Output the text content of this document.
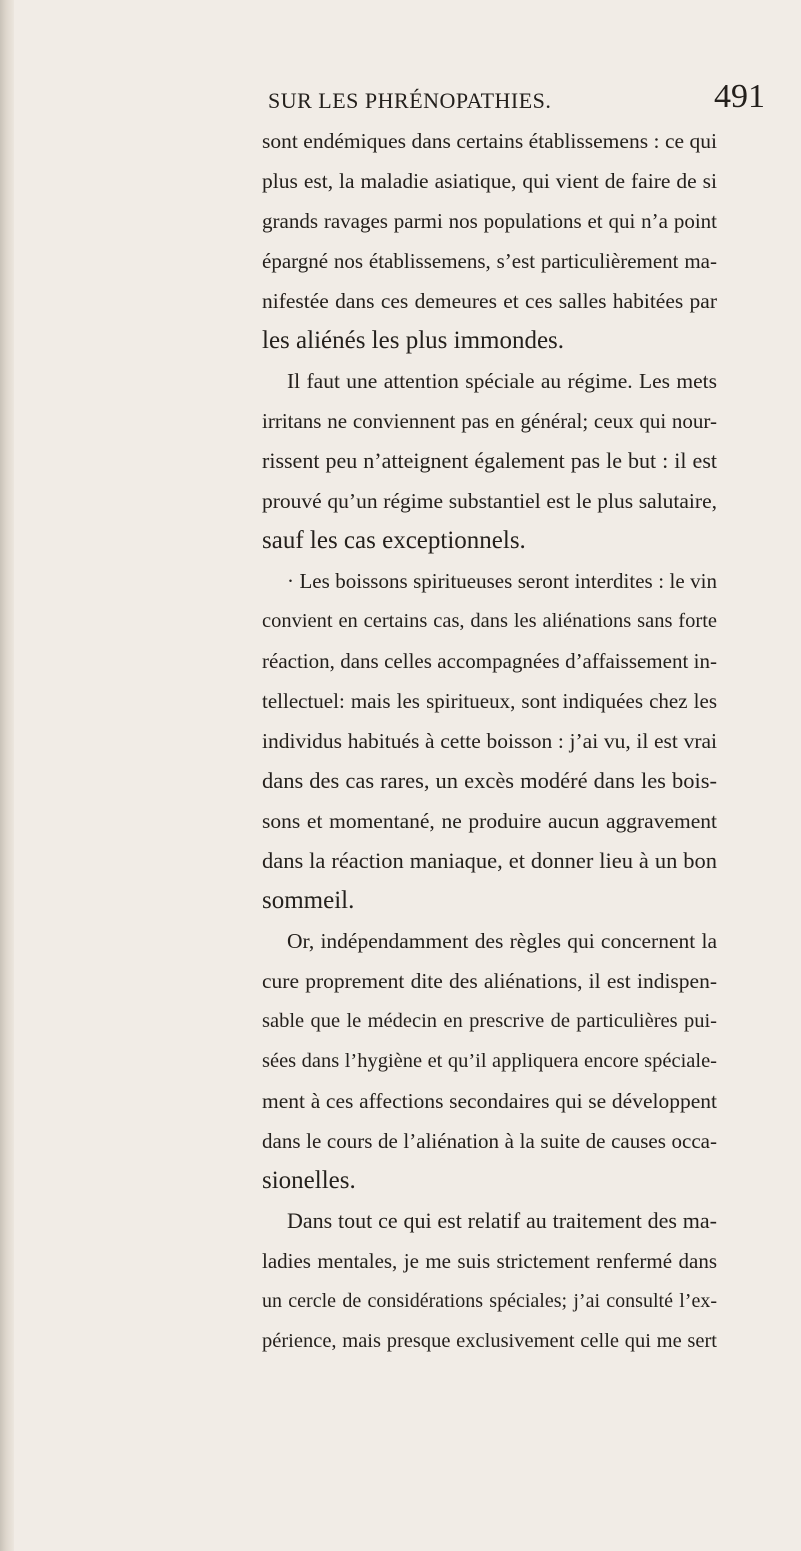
SUR LES PHRÉNOPATHIES.	491
sont endémiques dans certains établissemens : ce qui
plus est, la maladie asiatique, qui vient de faire de si
grands ravages parmi nos populations et qui n’a point
épargné nos établissemens, s’est particulièrement ma-
nifestée dans ces demeures et ces salles habitées par
les aliénés les plus immondes.
Il faut une attention spéciale au régime. Les mets
irritans ne conviennent pas en général; ceux qui nour-
rissent peu n’atteignent également pas le but : il est
prouvé qu’un régime substantiel est le plus salutaire,
sauf les cas exceptionnels.
· Les boissons spiritueuses seront interdites : le vin
convient en certains cas, dans les aliénations sans forte
réaction, dans celles accompagnées d’affaissement in-
tellectuel: mais les spiritueux, sont indiquées chez les
individus habitués à cette boisson : j’ai vu, il est vrai
dans des cas rares, un excès modéré dans les bois-
sons et momentané, ne produire aucun aggravement
dans la réaction maniaque, et donner lieu à un bon
sommeil.
Or, indépendamment des règles qui concernent la
cure proprement dite des aliénations, il est indispen-
sable que le médecin en prescrive de particulières pui-
sées dans l’hygiène et qu’il appliquera encore spéciale-
ment à ces affections secondaires qui se développent
dans le cours de l’aliénation à la suite de causes occa-
sionelles.
Dans tout ce qui est relatif au traitement des ma-
ladies mentales, je me suis strictement renfermé dans
un cercle de considérations spéciales; j’ai consulté l’ex-
périence, mais presque exclusivement celle qui me sert
